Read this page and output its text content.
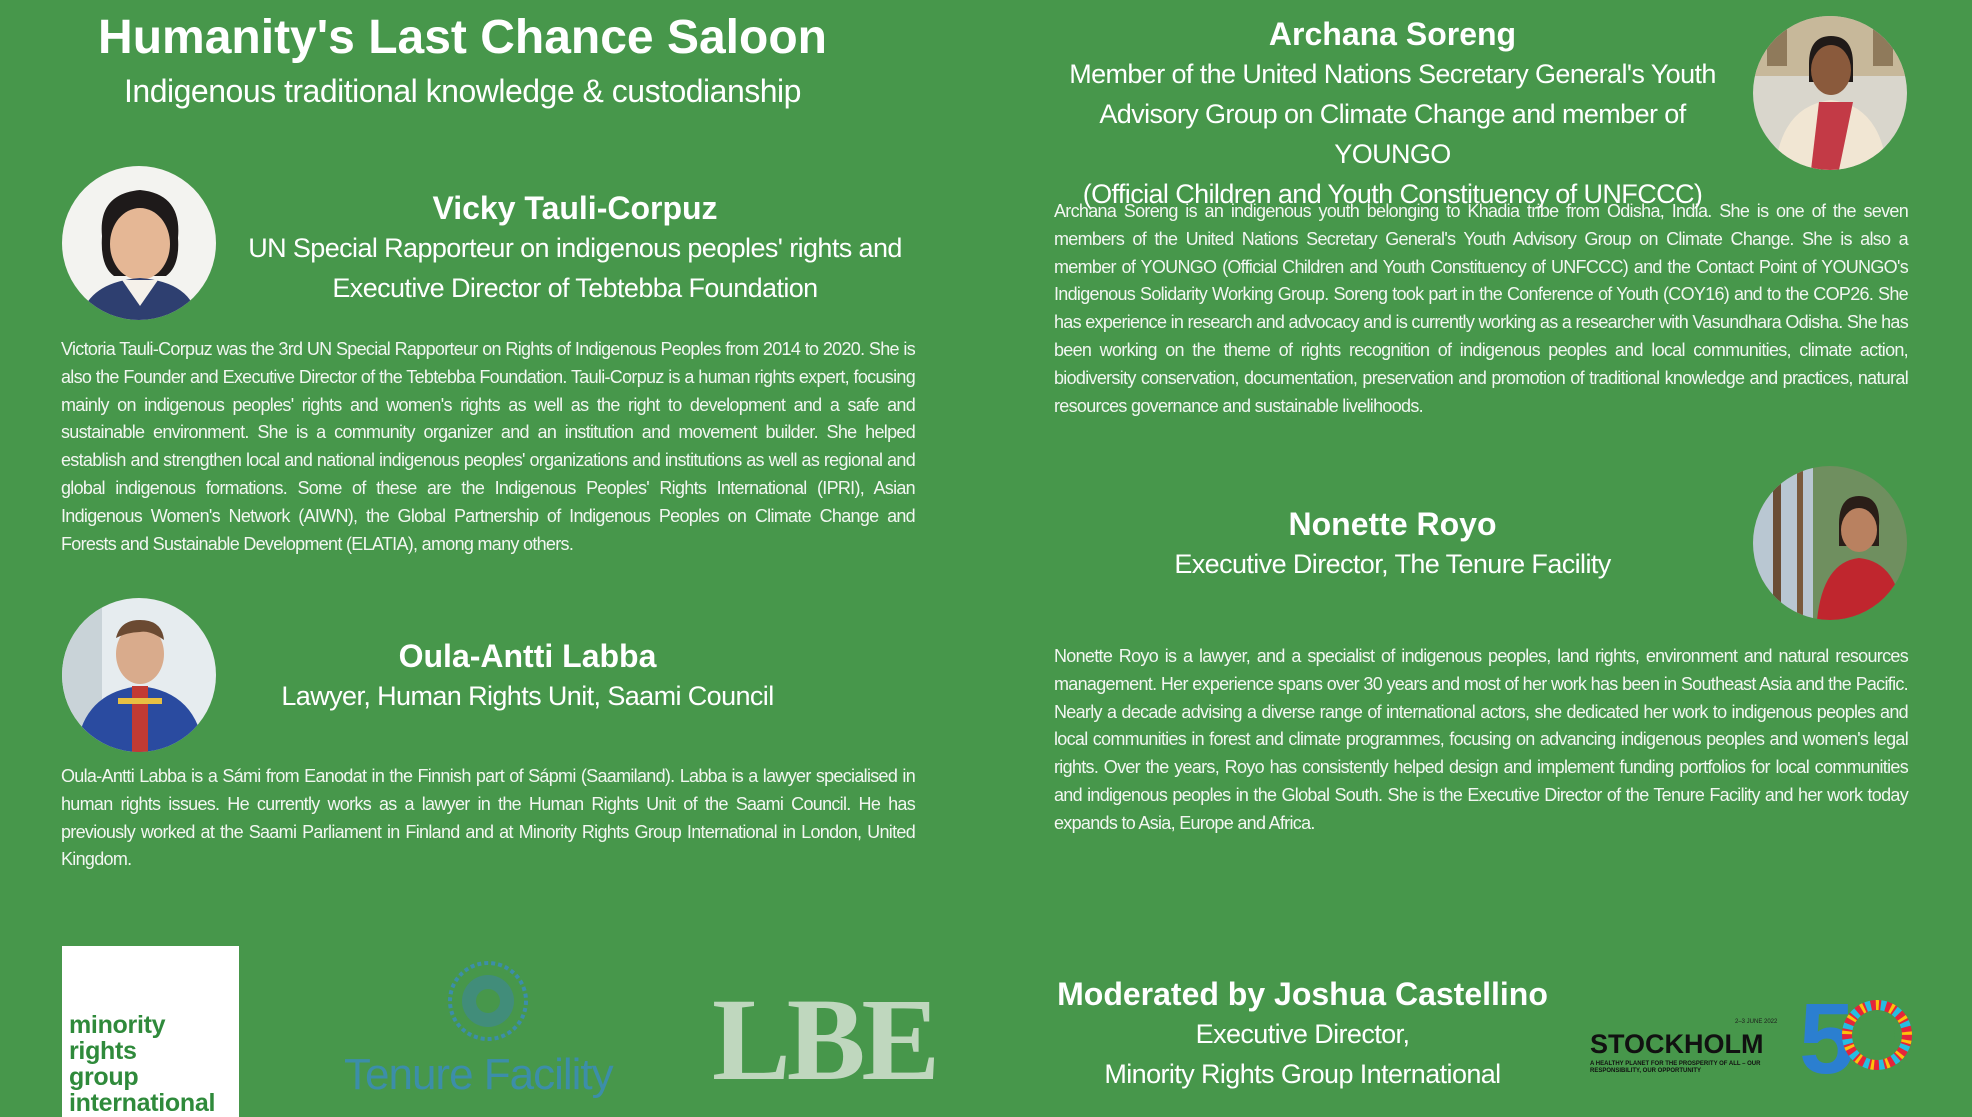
Humanity's Last Chance Saloon
Indigenous traditional knowledge & custodianship
Vicky Tauli-Corpuz
UN Special Rapporteur on indigenous peoples' rights and
Executive Director of Tebtebba Foundation
Victoria Tauli-Corpuz was the 3rd UN Special Rapporteur on Rights of Indigenous Peoples from 2014 to 2020. She is also the Founder and Executive Director of the Tebtebba Foundation. Tauli-Corpuz is a human rights expert, focusing mainly on indigenous peoples' rights and women's rights as well as the right to development and a safe and sustainable environment. She is a community organizer and an institution and movement builder. She helped establish and strengthen local and national indigenous peoples' organizations and institutions as well as regional and global indigenous formations. Some of these are the Indigenous Peoples' Rights International (IPRI), Asian Indigenous Women's Network (AIWN), the Global Partnership of Indigenous Peoples on Climate Change and Forests and Sustainable Development (ELATIA), among many others.
Oula-Antti Labba
Lawyer, Human Rights Unit, Saami Council
Oula-Antti Labba is a Sámi from Eanodat in the Finnish part of Sápmi (Saamiland). Labba is a lawyer specialised in human rights issues. He currently works as a lawyer in the Human Rights Unit of the Saami Council. He has previously worked at the Saami Parliament in Finland and at Minority Rights Group International in London, United Kingdom.
Archana Soreng
Member of the United Nations Secretary General's Youth
Advisory Group on Climate Change and member of YOUNGO
(Official Children and Youth Constituency of UNFCCC)
Archana Soreng is an indigenous youth belonging to Khadia tribe from Odisha, India. She is one of the seven members of the United Nations Secretary General's Youth Advisory Group on Climate Change. She is also a member of YOUNGO (Official Children and Youth Constituency of UNFCCC) and the Contact Point of YOUNGO's Indigenous Solidarity Working Group. Soreng took part in the Conference of Youth (COY16) and to the COP26. She has experience in research and advocacy and is currently working as a researcher with Vasundhara Odisha. She has been working on the theme of rights recognition of indigenous peoples and local communities, climate action, biodiversity conservation, documentation, preservation and promotion of traditional knowledge and practices, natural resources governance and sustainable livelihoods.
Nonette Royo
Executive Director, The Tenure Facility
Nonette Royo is a lawyer, and a specialist of indigenous peoples, land rights, environment and natural resources management. Her experience spans over 30 years and most of her work has been in Southeast Asia and the Pacific. Nearly a decade advising a diverse range of international actors, she dedicated her work to indigenous peoples and local communities in forest and climate programmes, focusing on advancing indigenous peoples and women's legal rights. Over the years, Royo has consistently helped design and implement funding portfolios for local communities and indigenous peoples in the Global South. She is the Executive Director of the Tenure Facility and her work today expands to Asia, Europe and Africa.
minority
rights
group
international
Tenure Facility LBE	Moderated by Joshua Castellino
Executive Director,
Minority Rights Group International
2–3 JUNE 2022
STOCKHOLM
A HEALTHY PLANET FOR THE PROSPERITY OF ALL – OUR RESPONSIBILITY, OUR OPPORTUNITY 5
